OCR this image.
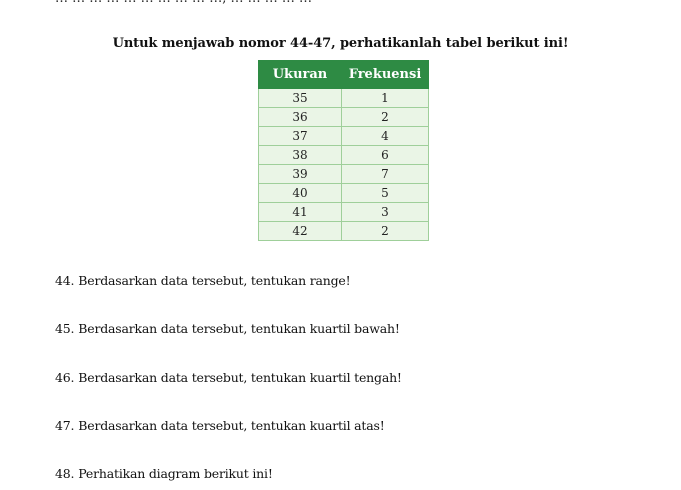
Untuk menjawab nomor 44-47, perhatikanlah tabel berikut ini!
Ukuran	Frekuensi
35	1
36	2
37	4
38	6
39	7
40	5
41	3
42	2
44. Berdasarkan data tersebut, tentukan range!
45. Berdasarkan data tersebut, tentukan kuartil bawah!
46. Berdasarkan data tersebut, tentukan kuartil tengah!
47. Berdasarkan data tersebut, tentukan kuartil atas!
48. Perhatikan diagram berikut ini!
